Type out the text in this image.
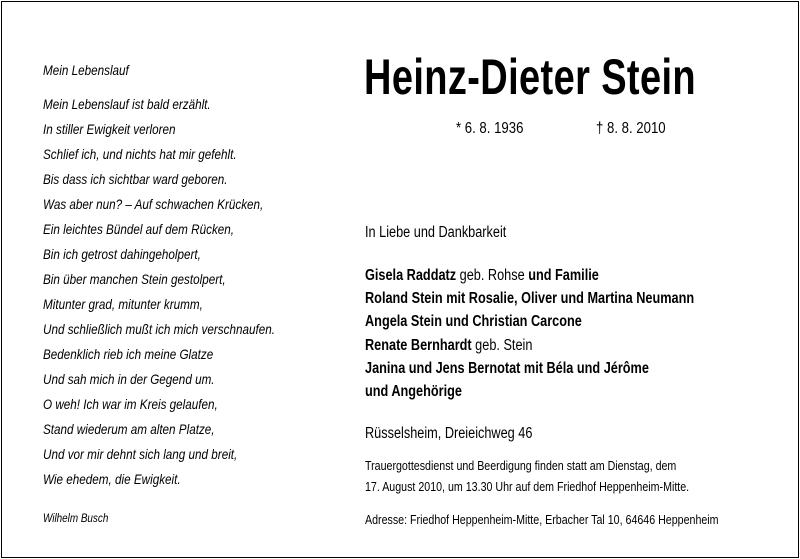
Mein Lebenslauf
Mein Lebenslauf ist bald erzählt.
In stiller Ewigkeit verloren
Schlief ich, und nichts hat mir gefehlt.
Bis dass ich sichtbar ward geboren.
Was aber nun? – Auf schwachen Krücken,
Ein leichtes Bündel auf dem Rücken,
Bin ich getrost dahingeholpert,
Bin über manchen Stein gestolpert,
Mitunter grad, mitunter krumm,
Und schließlich mußt ich mich verschnaufen.
Bedenklich rieb ich meine Glatze
Und sah mich in der Gegend um.
O weh! Ich war im Kreis gelaufen,
Stand wiederum am alten Platze,
Und vor mir dehnt sich lang und breit,
Wie ehedem, die Ewigkeit.
Wilhelm Busch
Heinz-Dieter Stein
* 6. 8. 1936	† 8. 8. 2010
In Liebe und Dankbarkeit
Gisela Raddatz geb. Rohse und Familie
Roland Stein mit Rosalie, Oliver und Martina Neumann
Angela Stein und Christian Carcone
Renate Bernhardt geb. Stein
Janina und Jens Bernotat mit Béla und Jérôme
und Angehörige
Rüsselsheim, Dreieichweg 46
Trauergottesdienst und Beerdigung finden statt am Dienstag, dem
17. August 2010, um 13.30 Uhr auf dem Friedhof Heppenheim-Mitte.
Adresse: Friedhof Heppenheim-Mitte, Erbacher Tal 10, 64646 Heppenheim
